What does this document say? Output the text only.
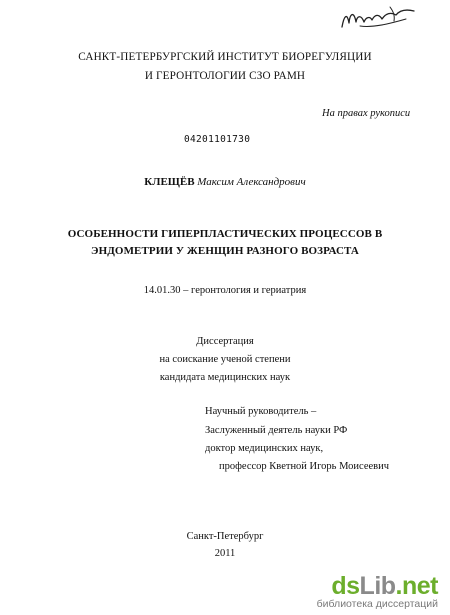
САНКТ-ПЕТЕРБУРГСКИЙ ИНСТИТУТ БИОРЕГУЛЯЦИИ
И ГЕРОНТОЛОГИИ СЗО РАМН
На правах рукописи
04201101730
КЛЕЩЁВ Максим Александрович
ОСОБЕННОСТИ ГИПЕРПЛАСТИЧЕСКИХ ПРОЦЕССОВ В
ЭНДОМЕТРИИ У ЖЕНЩИН РАЗНОГО ВОЗРАСТА
14.01.30 – геронтология и гериатрия
Диссертация
на соискание ученой степени
кандидата медицинских наук
Научный руководитель –
Заслуженный деятель науки РФ
доктор медицинских наук,
профессор Кветной Игорь Моисеевич
Санкт-Петербург
2011
dsLib.net
библиотека диссертаций
